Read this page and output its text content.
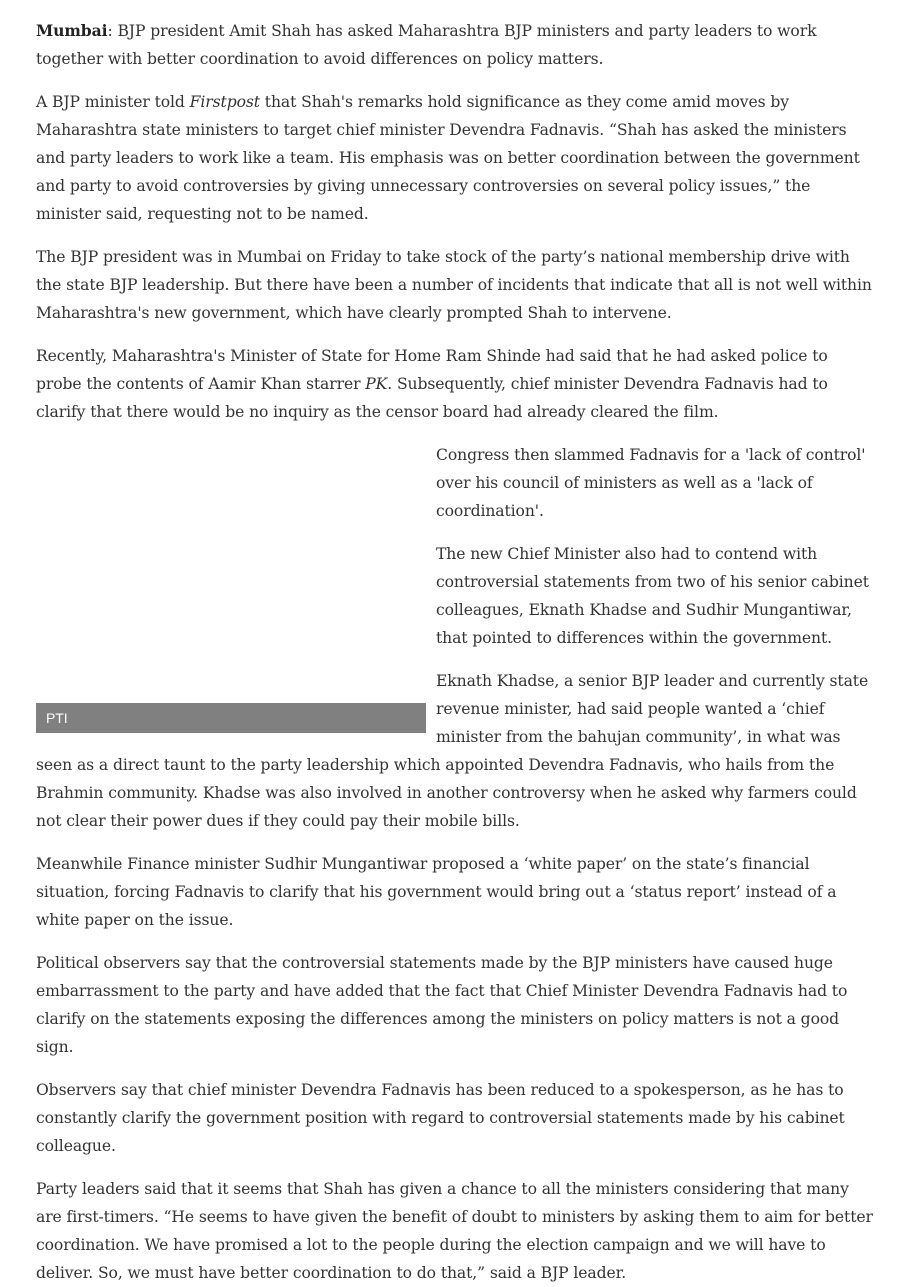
Mumbai: BJP president Amit Shah has asked Maharashtra BJP ministers and party leaders to work together with better coordination to avoid differences on policy matters.

A BJP minister told Firstpost that Shah's remarks hold significance as they come amid moves by Maharashtra state ministers to target chief minister Devendra Fadnavis. “Shah has asked the ministers and party leaders to work like a team. His emphasis was on better coordination between the government and party to avoid controversies by giving unnecessary controversies on several policy issues,” the minister said, requesting not to be named.

The BJP president was in Mumbai on Friday to take stock of the party’s national membership drive with the state BJP leadership. But there have been a number of incidents that indicate that all is not well within Maharashtra's new government, which have clearly prompted Shah to intervene.

Recently, Maharashtra's Minister of State for Home Ram Shinde had said that he had asked police to probe the contents of Aamir Khan starrer PK. Subsequently, chief minister Devendra Fadnavis had to clarify that there would be no inquiry as the censor board had already cleared the film.

PTI

Congress then slammed Fadnavis for a 'lack of control' over his council of ministers as well as a 'lack of coordination'.

The new Chief Minister also had to contend with controversial statements from two of his senior cabinet colleagues, Eknath Khadse and Sudhir Mungantiwar, that pointed to differences within the government.

Eknath Khadse, a senior BJP leader and currently state revenue minister, had said people wanted a ‘chief minister from the bahujan community’, in what was seen as a direct taunt to the party leadership which appointed Devendra Fadnavis, who hails from the Brahmin community. Khadse was also involved in another controversy when he asked why farmers could not clear their power dues if they could pay their mobile bills.

Meanwhile Finance minister Sudhir Mungantiwar proposed a ‘white paper’ on the state’s financial situation, forcing Fadnavis to clarify that his government would bring out a ‘status report’ instead of a white paper on the issue.

Political observers say that the controversial statements made by the BJP ministers have caused huge embarrassment to the party and have added that the fact that Chief Minister Devendra Fadnavis had to clarify on the statements exposing the differences among the ministers on policy matters is not a good sign.

Observers say that chief minister Devendra Fadnavis has been reduced to a spokesperson, as he has to constantly clarify the government position with regard to controversial statements made by his cabinet colleague.

Party leaders said that it seems that Shah has given a chance to all the ministers considering that many are first-timers. “He seems to have given the benefit of doubt to ministers by asking them to aim for better coordination. We have promised a lot to the people during the election campaign and we will have to deliver. So, we must have better coordination to do that,” said a BJP leader.
